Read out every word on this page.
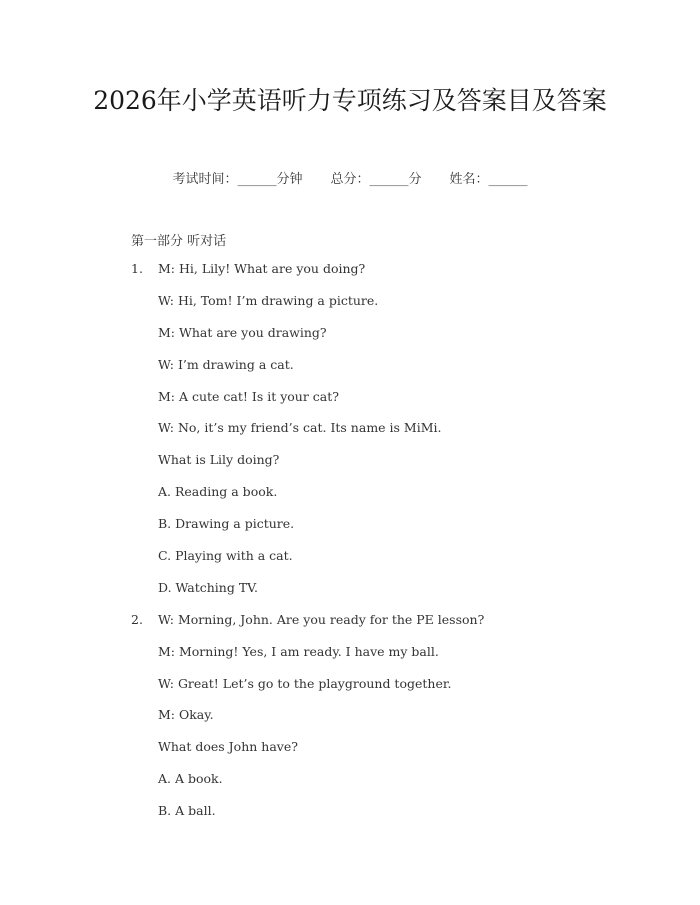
2026年小学英语听力专项练习及答案目及答案
考试时间：______分钟 总分：______分 姓名：______
第一部分 听对话
1. M: Hi, Lily! What are you doing?
W: Hi, Tom! I’m drawing a picture.
M: What are you drawing?
W: I’m drawing a cat.
M: A cute cat! Is it your cat?
W: No, it’s my friend’s cat. Its name is MiMi.
What is Lily doing?
A. Reading a book.
B. Drawing a picture.
C. Playing with a cat.
D. Watching TV.
2. W: Morning, John. Are you ready for the PE lesson?
M: Morning! Yes, I am ready. I have my ball.
W: Great! Let’s go to the playground together.
M: Okay.
What does John have?
A. A book.
B. A ball.
